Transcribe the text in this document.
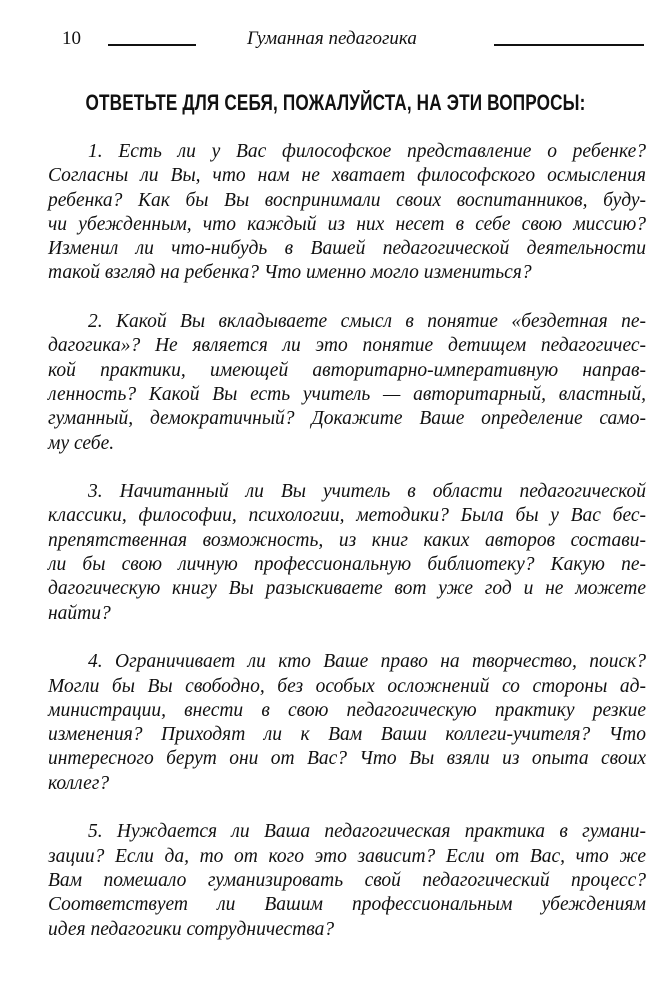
10	Гуманная педагогика
ОТВЕТЬТЕ ДЛЯ СЕБЯ, ПОЖАЛУЙСТА, НА ЭТИ ВОПРОСЫ:
1. Есть ли у Вас философское представление о ребенке?
Согласны ли Вы, что нам не хватает философского осмысления
ребенка? Как бы Вы воспринимали своих воспитанников, буду-
чи убежденным, что каждый из них несет в себе свою миссию?
Изменил ли что-нибудь в Вашей педагогической деятельности
такой взгляд на ребенка? Что именно могло измениться?
2. Какой Вы вкладываете смысл в понятие «бездетная пе-
дагогика»? Не является ли это понятие детищем педагогичес-
кой практики, имеющей авторитарно-императивную направ-
ленность? Какой Вы есть учитель — авторитарный, властный,
гуманный, демократичный? Докажите Ваше определение само-
му себе.
3. Начитанный ли Вы учитель в области педагогической
классики, философии, психологии, методики? Была бы у Вас бес-
препятственная возможность, из книг каких авторов состави-
ли бы свою личную профессиональную библиотеку? Какую пе-
дагогическую книгу Вы разыскиваете вот уже год и не можете
найти?
4. Ограничивает ли кто Ваше право на творчество, поиск?
Могли бы Вы свободно, без особых осложнений со стороны ад-
министрации, внести в свою педагогическую практику резкие
изменения? Приходят ли к Вам Ваши коллеги-учителя? Что
интересного берут они от Вас? Что Вы взяли из опыта своих
коллег?
5. Нуждается ли Ваша педагогическая практика в гумани-
зации? Если да, то от кого это зависит? Если от Вас, что же
Вам помешало гуманизировать свой педагогический процесс?
Соответствует ли Вашим профессиональным убеждениям
идея педагогики сотрудничества?
